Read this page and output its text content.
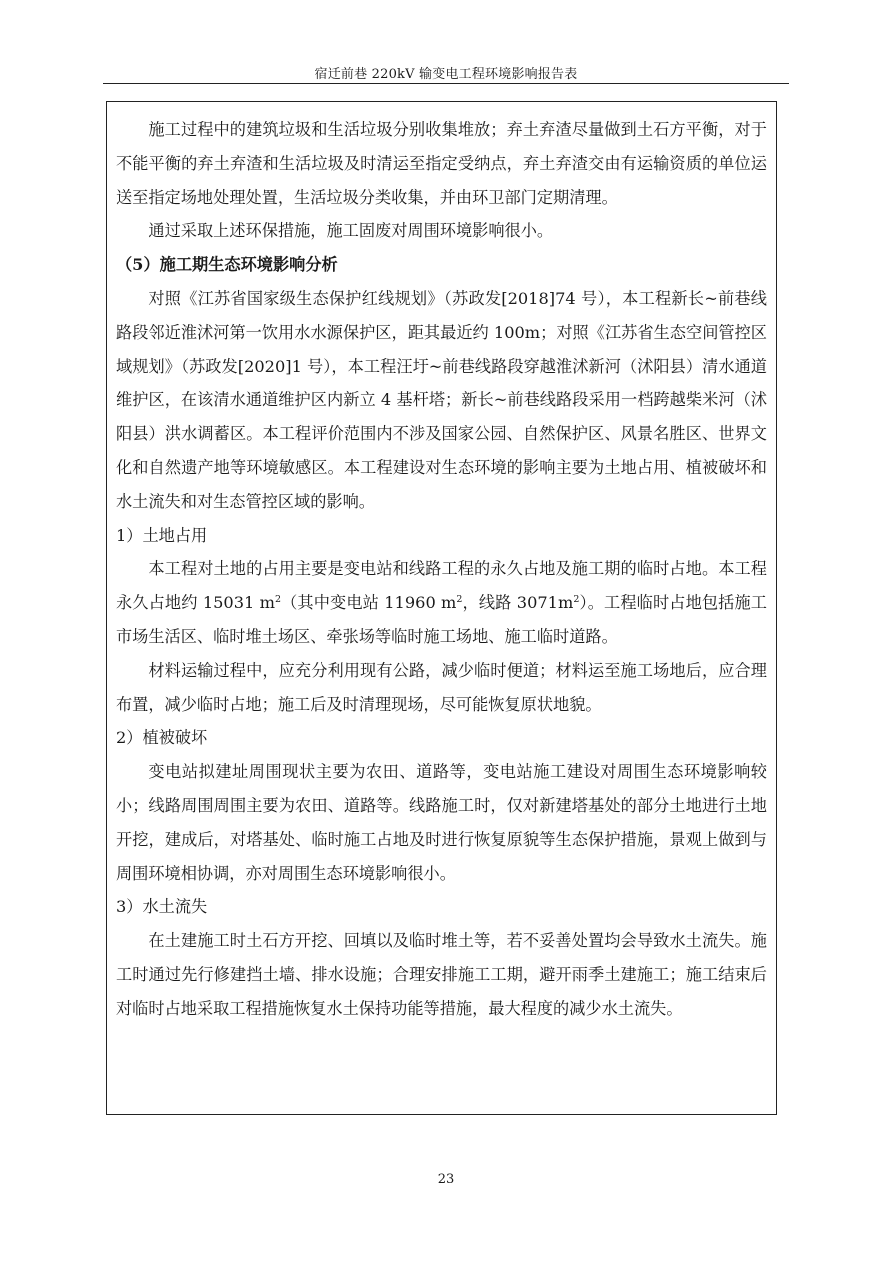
宿迁前巷 220kV 输变电工程环境影响报告表

施工过程中的建筑垃圾和生活垃圾分别收集堆放；弃土弃渣尽量做到土石方平衡，对于不能平衡的弃土弃渣和生活垃圾及时清运至指定受纳点，弃土弃渣交由有运输资质的单位运送至指定场地处理处置，生活垃圾分类收集，并由环卫部门定期清理。

通过采取上述环保措施，施工固废对周围环境影响很小。

（5）施工期生态环境影响分析

对照《江苏省国家级生态保护红线规划》（苏政发[2018]74 号），本工程新长~前巷线路段邻近淮沭河第一饮用水水源保护区，距其最近约 100m；对照《江苏省生态空间管控区域规划》（苏政发[2020]1 号），本工程汪圩~前巷线路段穿越淮沭新河（沭阳县）清水通道维护区，在该清水通道维护区内新立 4 基杆塔；新长~前巷线路段采用一档跨越柴米河（沭阳县）洪水调蓄区。本工程评价范围内不涉及国家公园、自然保护区、风景名胜区、世界文化和自然遗产地等环境敏感区。本工程建设对生态环境的影响主要为土地占用、植被破坏和水土流失和对生态管控区域的影响。

1）土地占用

本工程对土地的占用主要是变电站和线路工程的永久占地及施工期的临时占地。本工程永久占地约 15031 $m^2$（其中变电站 11960 $m^2$，线路 $3071m^2$）。工程临时占地包括施工市场生活区、临时堆土场区、牵张场等临时施工场地、施工临时道路。

材料运输过程中，应充分利用现有公路，减少临时便道；材料运至施工场地后，应合理布置，减少临时占地；施工后及时清理现场，尽可能恢复原状地貌。

2）植被破坏

变电站拟建址周围现状主要为农田、道路等，变电站施工建设对周围生态环境影响较小；线路周围周围主要为农田、道路等。线路施工时，仅对新建塔基处的部分土地进行土地开挖，建成后，对塔基处、临时施工占地及时进行恢复原貌等生态保护措施，景观上做到与周围环境相协调，亦对周围生态环境影响很小。

3）水土流失

在土建施工时土石方开挖、回填以及临时堆土等，若不妥善处置均会导致水土流失。施工时通过先行修建挡土墙、排水设施；合理安排施工工期，避开雨季土建施工；施工结束后对临时占地采取工程措施恢复水土保持功能等措施，最大程度的减少水土流失。

23
